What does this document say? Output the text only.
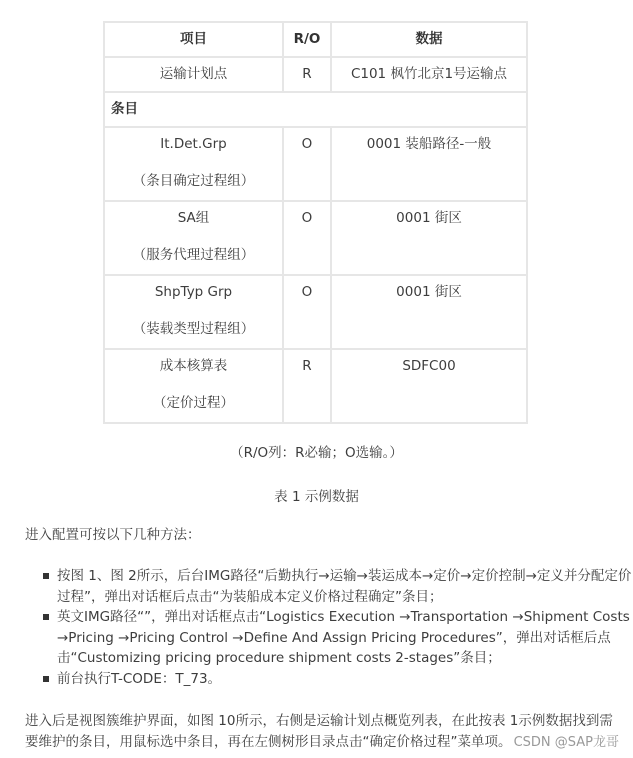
项目	R/O	数据
运输计划点	R	C101 枫竹北京1号运输点
条目
It.Det.Grp
（条目确定过程组）
	O	0001 装船路径-一般
SA组
（服务代理过程组）
	O	0001 街区
ShpTyp Grp
（装载类型过程组）
	O	0001 街区
成本核算表
（定价过程）
	R	SDFC00
（R/O列：R必输；O选输。）
表 1 示例数据

进入配置可按以下几种方法：

按图 1、图 2所示，后台IMG路径“后勤执行→运输→装运成本→定价→定价控制→定义并分配定价过程”，弹出对话框后点击“为装船成本定义价格过程确定”条目；
英文IMG路径“”，弹出对话框点击“Logistics Execution →Transportation →Shipment Costs →Pricing →Pricing Control →Define And Assign Pricing Procedures”，弹出对话框后点击“Customizing pricing procedure shipment costs 2-stages”条目；
前台执行T-CODE：T_73。

进入后是视图簇维护界面，如图 10所示，右侧是运输计划点概览列表，在此按表 1示例数据找到需要维护的条目，用鼠标选中条目，再在左侧树形目录点击“确定价格过程”菜单项。 CSDN @SAP龙哥
